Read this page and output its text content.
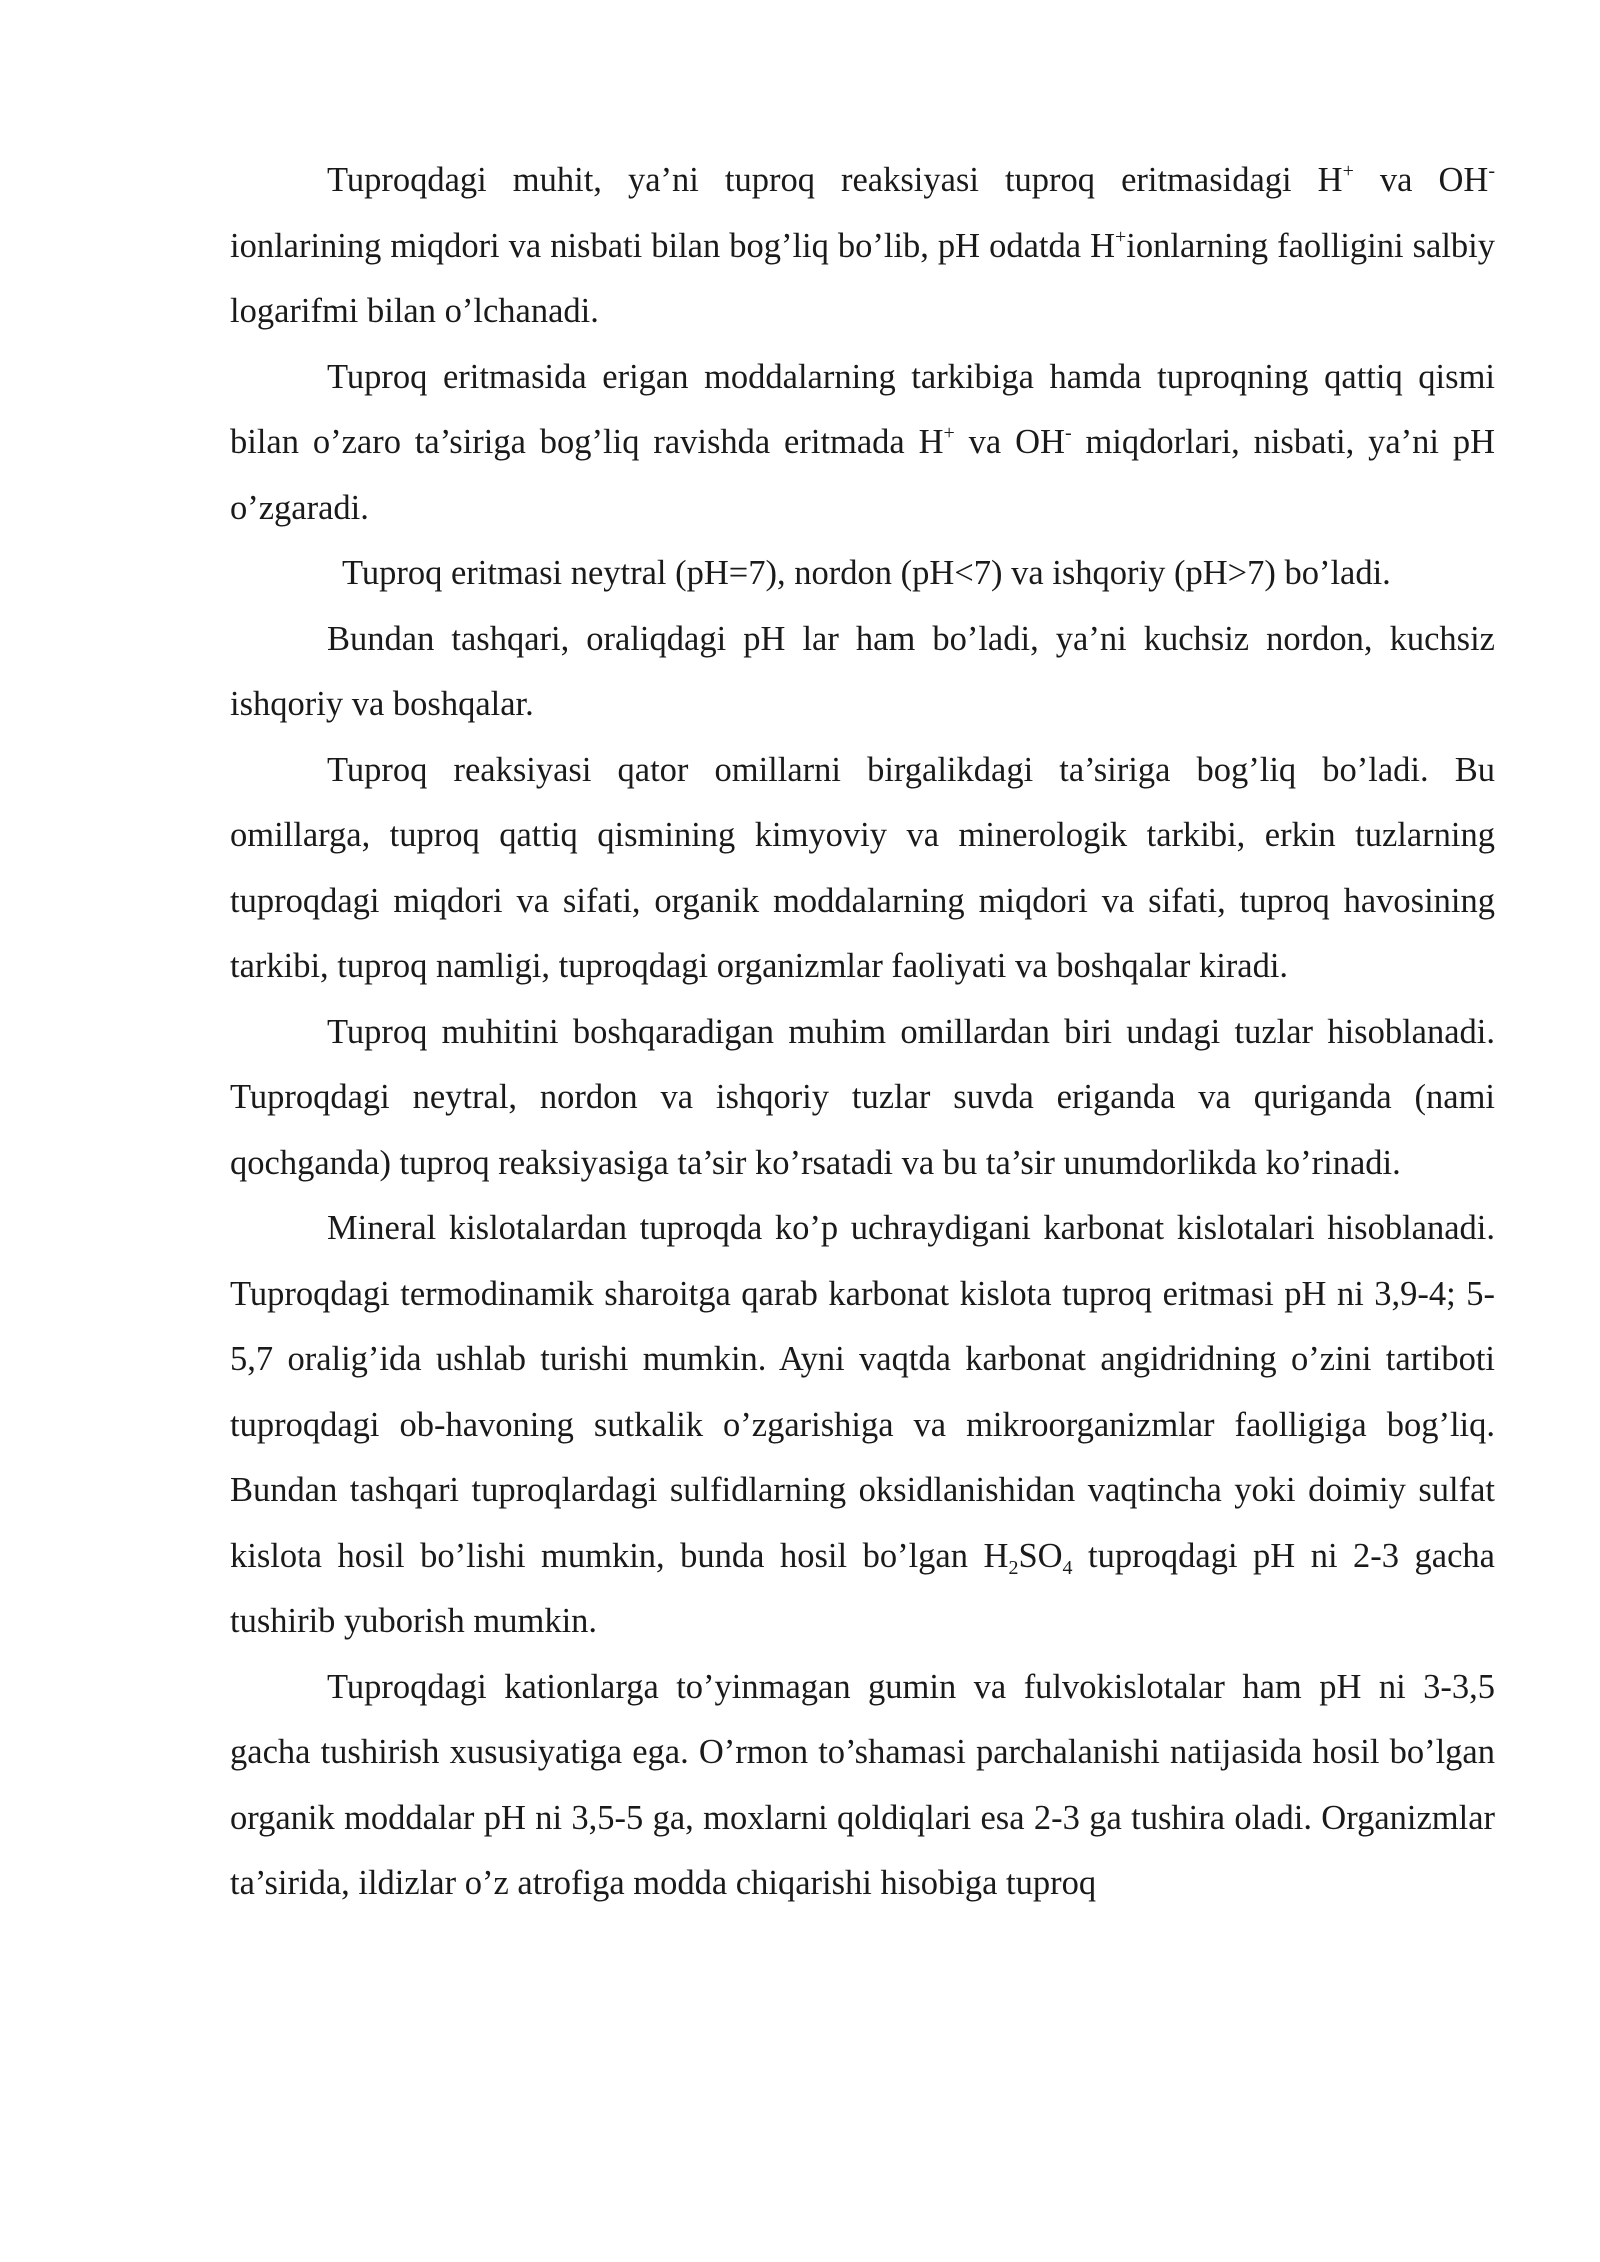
Tuproqdagi muhit, ya’ni tuproq reaksiyasi tuproq eritmasidagi H+ va OH- ionlarining miqdori va nisbati bilan bog’liq bo’lib, pH odatda H+ionlarning faolligini salbiy logarifmi bilan o’lchanadi.

Tuproq eritmasida erigan moddalarning tarkibiga hamda tuproqning qattiq qismi bilan o’zaro ta’siriga bog’liq ravishda eritmada H+ va OH- miqdorlari, nisbati, ya’ni pH o’zgaradi.

Tuproq eritmasi neytral (pH=7), nordon (pH<7) va ishqoriy (pH>7) bo’ladi.

Bundan tashqari, oraliqdagi pH lar ham bo’ladi, ya’ni kuchsiz nordon, kuchsiz ishqoriy va boshqalar.

Tuproq reaksiyasi qator omillarni birgalikdagi ta’siriga bog’liq bo’ladi. Bu omillarga, tuproq qattiq qismining kimyoviy va minerologik tarkibi, erkin tuzlarning tuproqdagi miqdori va sifati, organik moddalarning miqdori va sifati, tuproq havosining tarkibi, tuproq namligi, tuproqdagi organizmlar faoliyati va boshqalar kiradi.

Tuproq muhitini boshqaradigan muhim omillardan biri undagi tuzlar hisoblanadi. Tuproqdagi neytral, nordon va ishqoriy tuzlar suvda eriganda va quriganda (nami qochganda) tuproq reaksiyasiga ta’sir ko’rsatadi va bu ta’sir unumdorlikda ko’rinadi.

Mineral kislotalardan tuproqda ko’p uchraydigani karbonat kislotalari hisoblanadi. Tuproqdagi termodinamik sharoitga qarab karbonat kislota tuproq eritmasi pH ni 3,9-4; 5-5,7 oralig’ida ushlab turishi mumkin. Ayni vaqtda karbonat angidridning o’zini tartiboti tuproqdagi ob-havoning sutkalik o’zgarishiga va mikroorganizmlar faolligiga bog’liq. Bundan tashqari tuproqlardagi sulfidlarning oksidlanishidan vaqtincha yoki doimiy sulfat kislota hosil bo’lishi mumkin, bunda hosil bo’lgan $H_2SO_4$ tuproqdagi pH ni 2-3 gacha tushirib yuborish mumkin.

Tuproqdagi kationlarga to’yinmagan gumin va fulvokislotalar ham pH ni 3-3,5 gacha tushirish xususiyatiga ega. O’rmon to’shamasi parchalanishi natijasida hosil bo’lgan organik moddalar pH ni 3,5-5 ga, moxlarni qoldiqlari esa 2-3 ga tushira oladi. Organizmlar ta’sirida, ildizlar o’z atrofiga modda chiqarishi hisobiga tuproq
